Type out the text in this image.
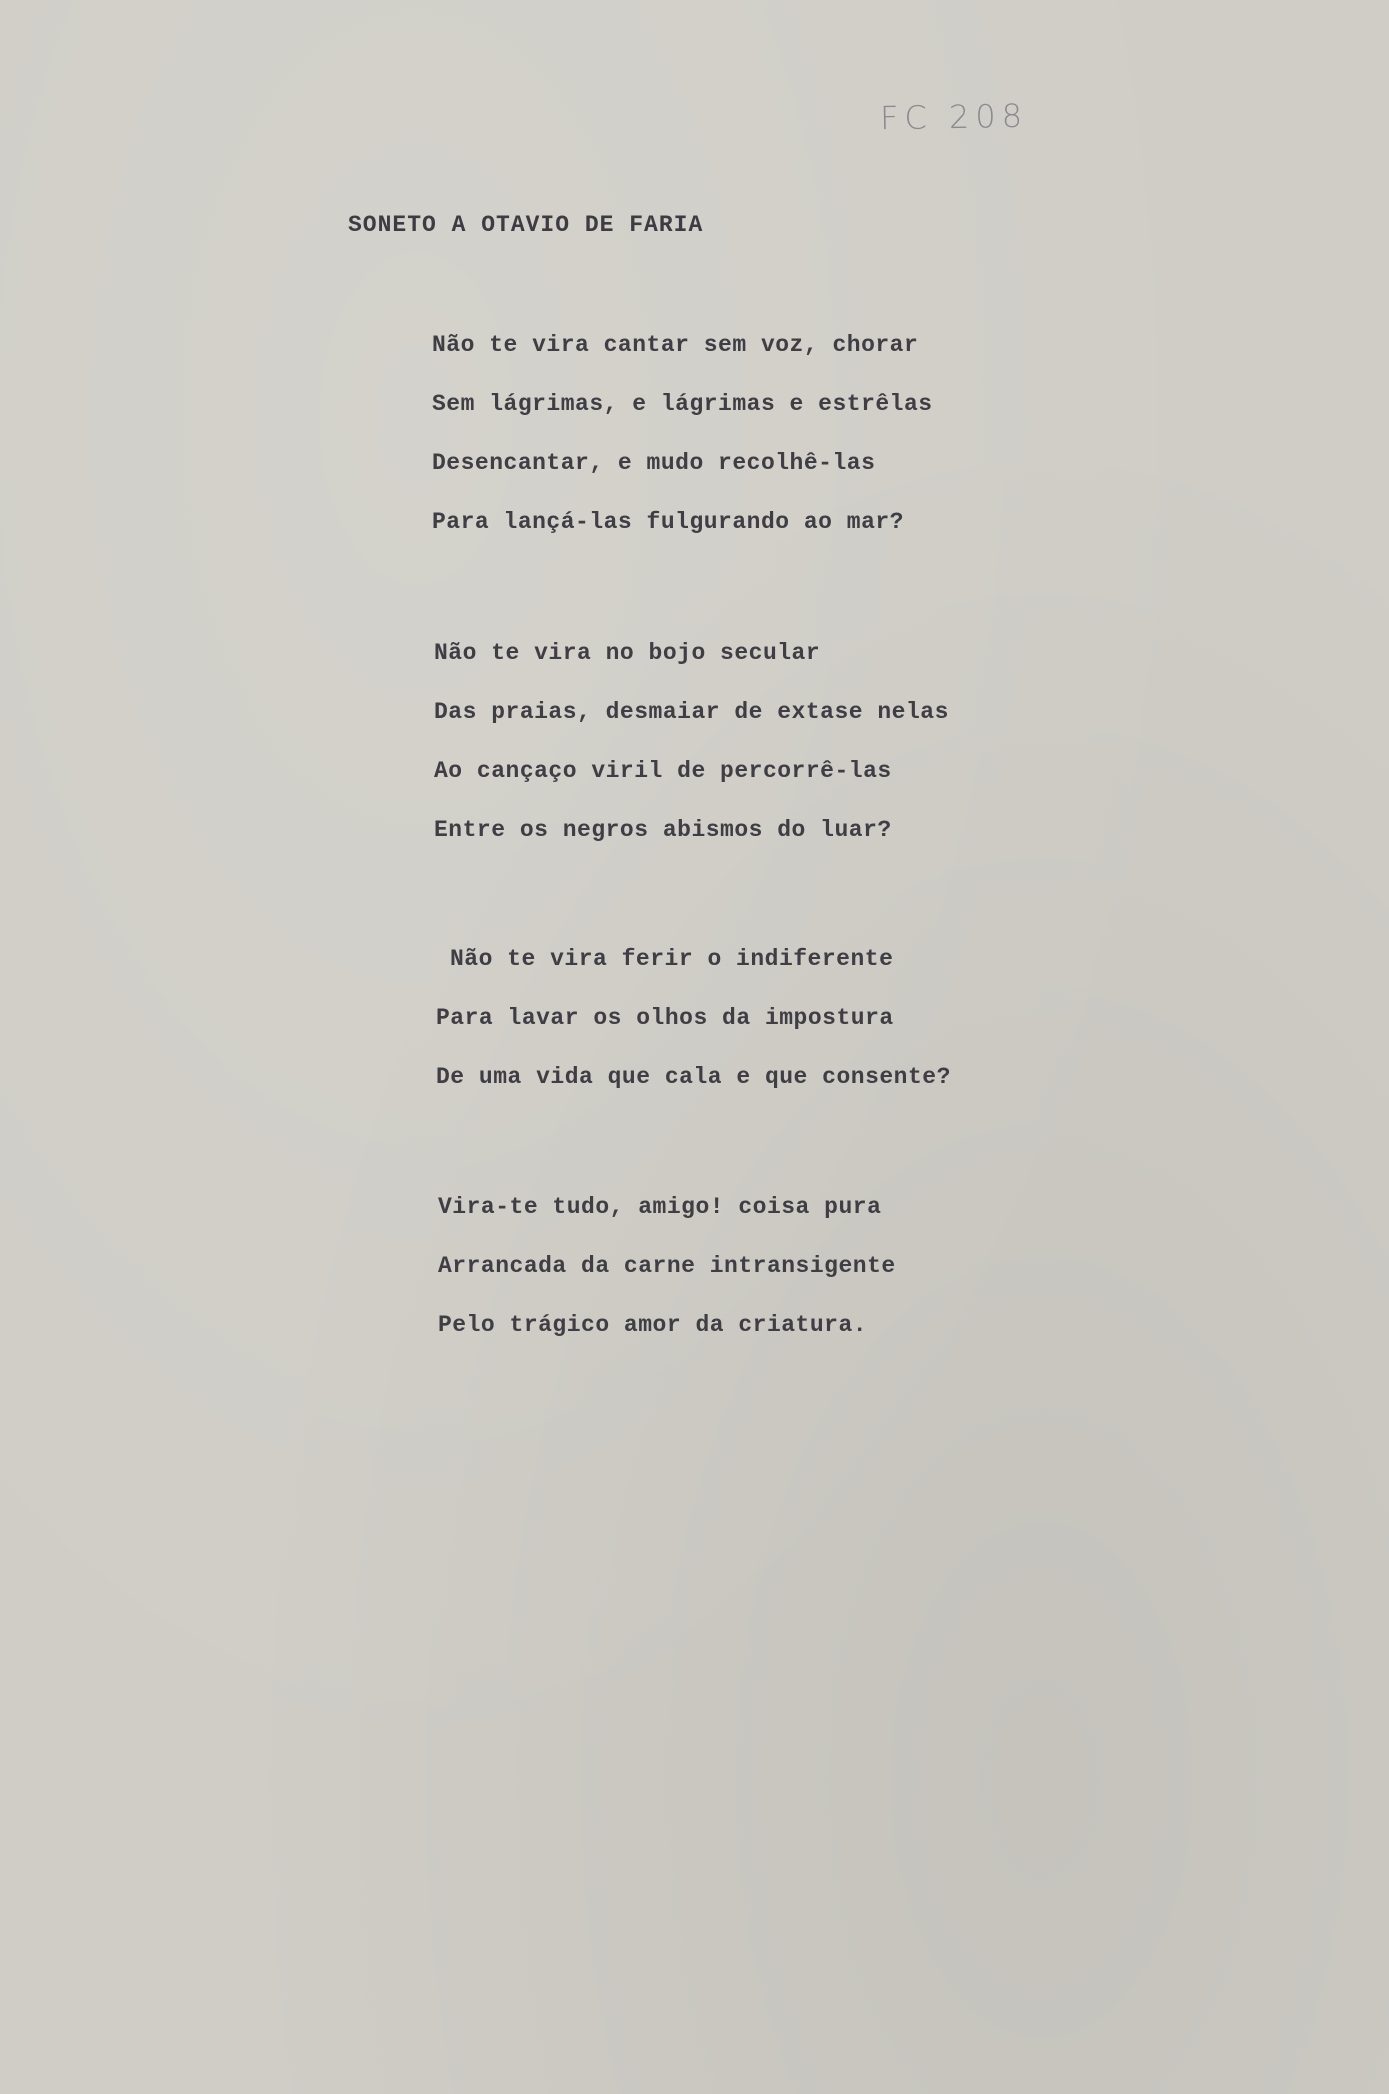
FC 208
SONETO A OTAVIO DE FARIA
Não te vira cantar sem voz, chorar
Sem lágrimas, e lágrimas e estrêlas
Desencantar, e mudo recolhê-las
Para lançá-las fulgurando ao mar?
Não te vira no bojo secular
Das praias, desmaiar de extase nelas
Ao cançaço viril de percorrê-las
Entre os negros abismos do luar?
Não te vira ferir o indiferente
Para lavar os olhos da impostura
De uma vida que cala e que consente?
Vira-te tudo, amigo! coisa pura
Arrancada da carne intransigente
Pelo trágico amor da criatura.
